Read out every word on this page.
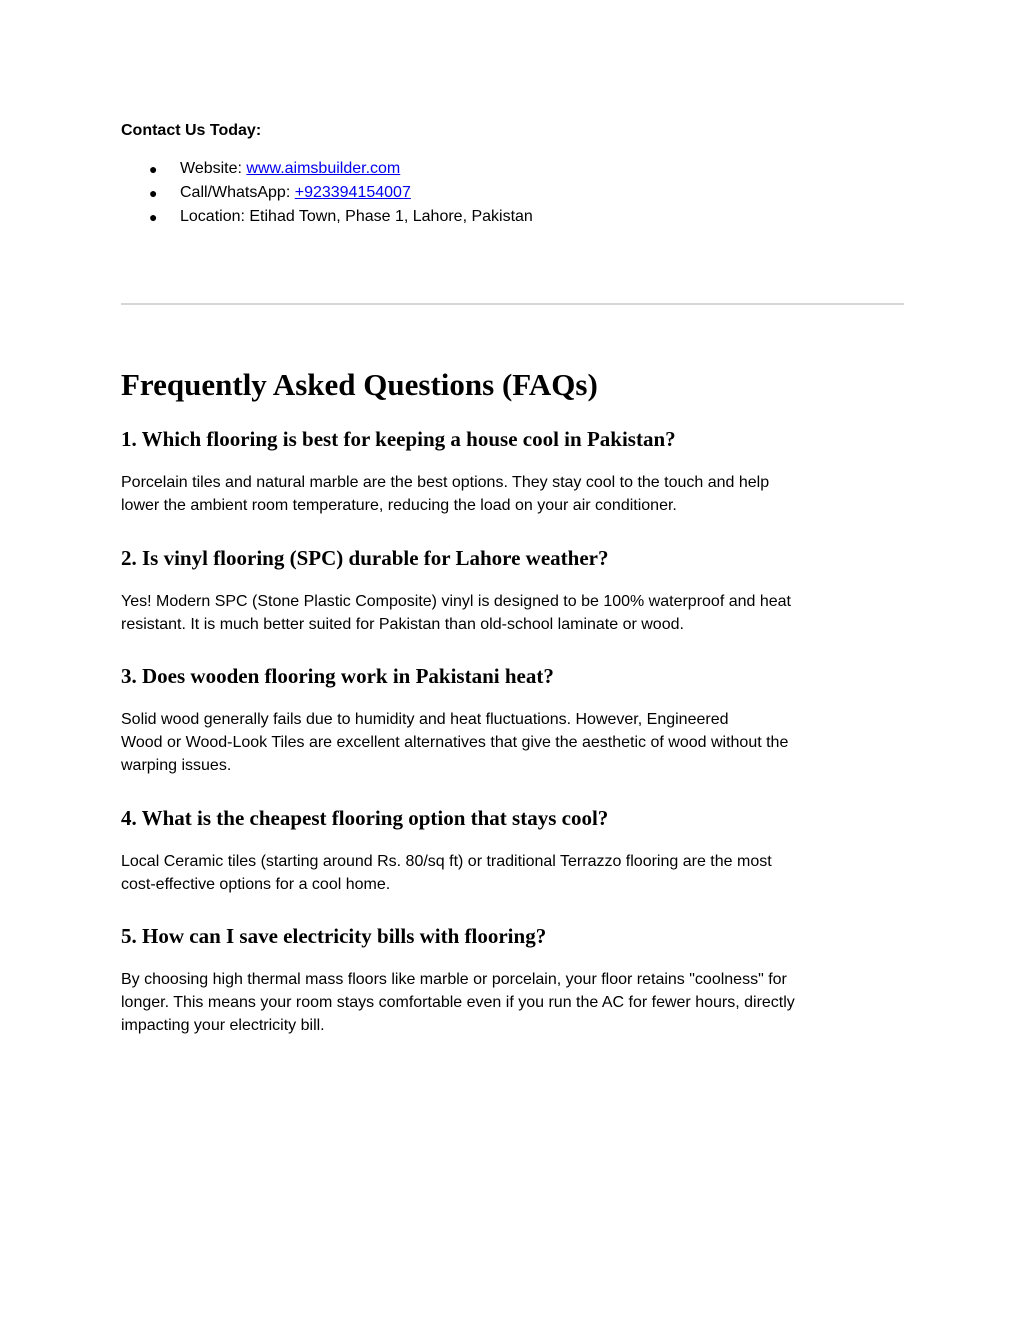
Contact Us Today:

● Website: www.aimsbuilder.com
● Call/WhatsApp: +923394154007
● Location: Etihad Town, Phase 1, Lahore, Pakistan
Frequently Asked Questions (FAQs)
1. Which flooring is best for keeping a house cool in Pakistan?

Porcelain tiles and natural marble are the best options. They stay cool to the touch and help
lower the ambient room temperature, reducing the load on your air conditioner.

2. Is vinyl flooring (SPC) durable for Lahore weather?

Yes! Modern SPC (Stone Plastic Composite) vinyl is designed to be 100% waterproof and heat
resistant. It is much better suited for Pakistan than old-school laminate or wood.

3. Does wooden flooring work in Pakistani heat?

Solid wood generally fails due to humidity and heat fluctuations. However, Engineered
Wood or Wood-Look Tiles are excellent alternatives that give the aesthetic of wood without the
warping issues.

4. What is the cheapest flooring option that stays cool?

Local Ceramic tiles (starting around Rs. 80/sq ft) or traditional Terrazzo flooring are the most
cost-effective options for a cool home.

5. How can I save electricity bills with flooring?

By choosing high thermal mass floors like marble or porcelain, your floor retains "coolness" for
longer. This means your room stays comfortable even if you run the AC for fewer hours, directly
impacting your electricity bill.
